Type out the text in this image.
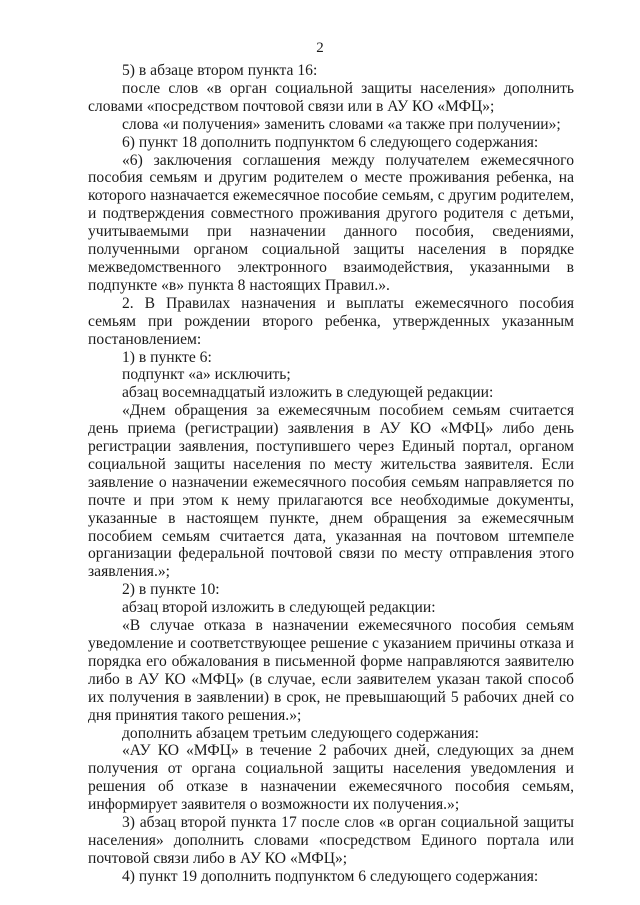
2

5) в абзаце втором пункта 16:

после слов «в орган социальной защиты населения» дополнить словами «посредством почтовой связи или в АУ КО «МФЦ»;

слова «и получения» заменить словами «а также при получении»;

6) пункт 18 дополнить подпунктом 6 следующего содержания:

«6) заключения соглашения между получателем ежемесячного пособия семьям и другим родителем о месте проживания ребенка, на которого назначается ежемесячное пособие семьям, с другим родителем, и подтверждения совместного проживания другого родителя с детьми, учитываемыми при назначении данного пособия, сведениями, полученными органом социальной защиты населения в порядке межведомственного электронного взаимодействия, указанными в подпункте «в» пункта 8 настоящих Правил.».

2. В Правилах назначения и выплаты ежемесячного пособия семьям при рождении второго ребенка, утвержденных указанным постановлением:

1) в пункте 6:

подпункт «а» исключить;

абзац восемнадцатый изложить в следующей редакции:

«Днем обращения за ежемесячным пособием семьям считается день приема (регистрации) заявления в АУ КО «МФЦ» либо день регистрации заявления, поступившего через Единый портал, органом социальной защиты населения по месту жительства заявителя. Если заявление о назначении ежемесячного пособия семьям направляется по почте и при этом к нему прилагаются все необходимые документы, указанные в настоящем пункте, днем обращения за ежемесячным пособием семьям считается дата, указанная на почтовом штемпеле организации федеральной почтовой связи по месту отправления этого заявления.»;

2) в пункте 10:

абзац второй изложить в следующей редакции:

«В случае отказа в назначении ежемесячного пособия семьям уведомление и соответствующее решение с указанием причины отказа и порядка его обжалования в письменной форме направляются заявителю либо в АУ КО «МФЦ» (в случае, если заявителем указан такой способ их получения в заявлении) в срок, не превышающий 5 рабочих дней со дня принятия такого решения.»;

дополнить абзацем третьим следующего содержания:

«АУ КО «МФЦ» в течение 2 рабочих дней, следующих за днем получения от органа социальной защиты населения уведомления и решения об отказе в назначении ежемесячного пособия семьям, информирует заявителя о возможности их получения.»;

3) абзац второй пункта 17 после слов «в орган социальной защиты населения» дополнить словами «посредством Единого портала или почтовой связи либо в АУ КО «МФЦ»;

4) пункт 19 дополнить подпунктом 6 следующего содержания:
